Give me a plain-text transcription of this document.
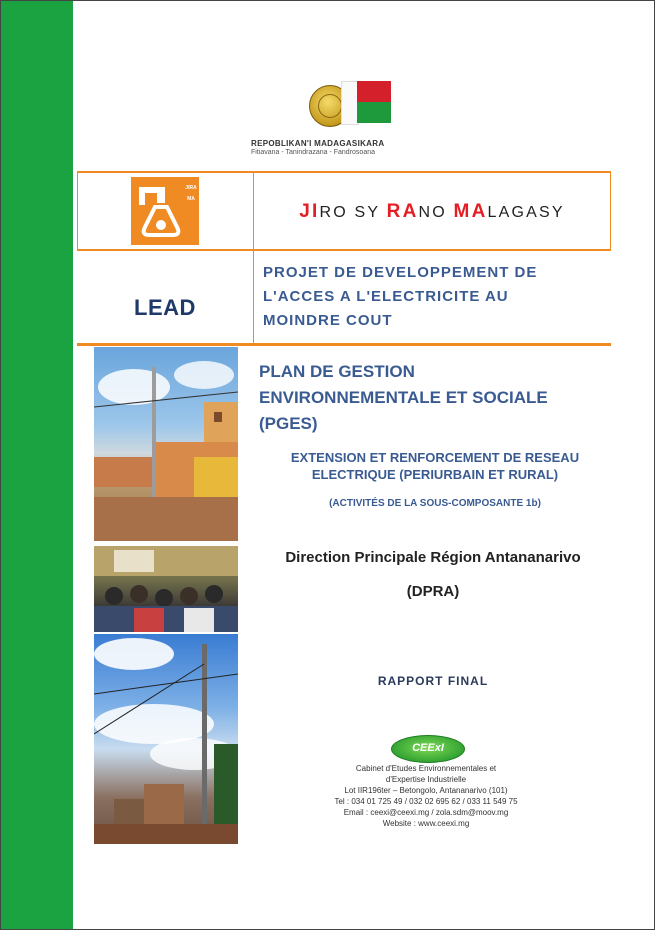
REPOBLIKAN'I MADAGASIKARA
Fitiavana - Tanindrazana - Fandrosoana
JIRAMA
JIRO SY RANO MALAGASY
LEAD
PROJET DE DEVELOPPEMENT DE
L'ACCES A L'ELECTRICITE AU
MOINDRE COUT
PLAN DE GESTION
ENVIRONNEMENTALE ET SOCIALE
(PGES)
EXTENSION ET RENFORCEMENT DE RESEAU
ELECTRIQUE (PERIURBAIN ET RURAL)
(ACTIVITÉS DE LA SOUS-COMPOSANTE 1b)
Direction Principale Région Antananarivo
(DPRA)
RAPPORT FINAL
CEExI
Cabinet d'Etudes Environnementales et
d'Expertise Industrielle
Lot IIR196ter – Betongolo, Antananarivo (101)
Tel : 034 01 725 49 / 032 02 695 62 / 033 11 549 75
Email : ceexi@ceexi.mg / zola.sdm@moov.mg
Website : www.ceexi.mg
